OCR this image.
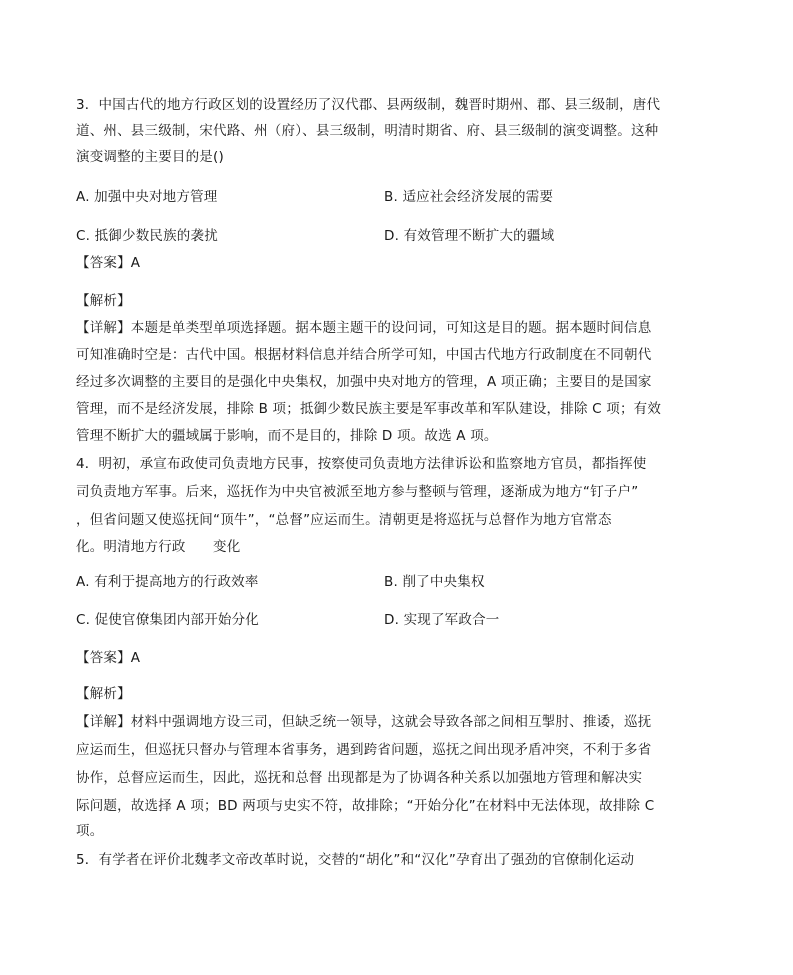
3．中国古代的地方行政区划的设置经历了汉代郡、县两级制，魏晋时期州、郡、县三级制，唐代
道、州、县三级制，宋代路、州（府）、县三级制，明清时期省、府、县三级制的演变调整。这种
演变调整的主要目的是()
A. 加强中央对地方管理	B. 适应社会经济发展的需要
C. 抵御少数民族的袭扰	D. 有效管理不断扩大的疆域
【答案】A
【解析】
【详解】本题是单类型单项选择题。据本题主题干的设问词，可知这是目的题。据本题时间信息
可知准确时空是：古代中国。根据材料信息并结合所学可知，中国古代地方行政制度在不同朝代
经过多次调整的主要目的是强化中央集权，加强中央对地方的管理，A 项正确；主要目的是国家
管理，而不是经济发展，排除 B 项；抵御少数民族主要是军事改革和军队建设，排除 C 项；有效
管理不断扩大的疆域属于影响，而不是目的，排除 D 项。故选 A 项。
4．明初，承宣布政使司负责地方民事，按察使司负责地方法律诉讼和监察地方官员，都指挥使
司负责地方军事。后来，巡抚作为中央官被派至地方参与整顿与管理，逐渐成为地方“钉子户”
，但省问题又使巡抚间“顶牛”，“总督”应运而生。清朝更是将巡抚与总督作为地方官常态
化。明清地方行政　　变化
A. 有利于提高地方的行政效率	B. 削了中央集权
C. 促使官僚集团内部开始分化	D. 实现了军政合一
【答案】A
【解析】
【详解】材料中强调地方设三司，但缺乏统一领导，这就会导致各部之间相互掣肘、推诿，巡抚
应运而生，但巡抚只督办与管理本省事务，遇到跨省问题，巡抚之间出现矛盾冲突，不利于多省
协作，总督应运而生，因此，巡抚和总督 出现都是为了协调各种关系以加强地方管理和解决实
际问题，故选择 A 项；BD 两项与史实不符，故排除；“开始分化”在材料中无法体现，故排除 C
项。
5．有学者在评价北魏孝文帝改革时说，交替的“胡化”和“汉化”孕育出了强劲的官僚制化运动
